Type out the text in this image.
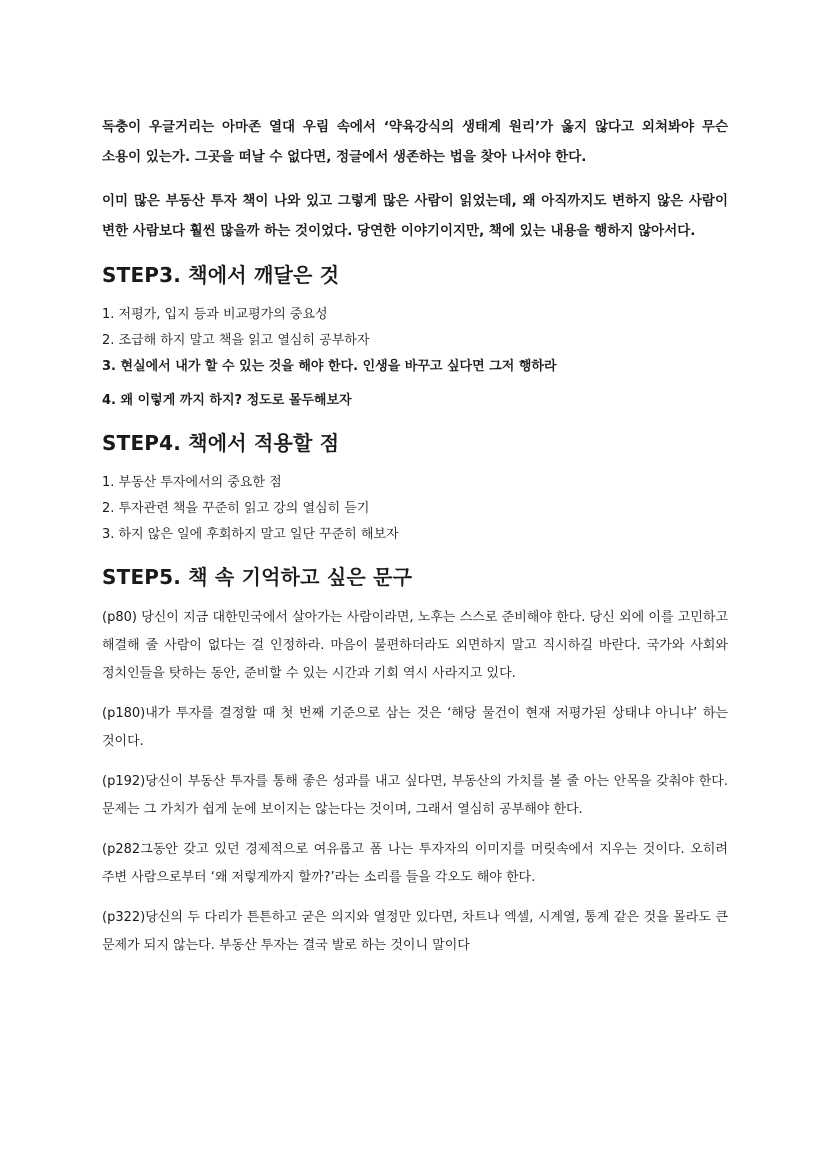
독충이 우글거리는 아마존 열대 우림 속에서 ‘약육강식의 생태계 원리’가 옳지 않다고 외쳐봐야 무슨 소용이 있는가. 그곳을 떠날 수 없다면, 정글에서 생존하는 법을 찾아 나서야 한다.

이미 많은 부동산 투자 책이 나와 있고 그렇게 많은 사람이 읽었는데, 왜 아직까지도 변하지 않은 사람이 변한 사람보다 훨씬 많을까 하는 것이었다. 당연한 이야기이지만, 책에 있는 내용을 행하지 않아서다.

STEP3. 책에서 깨달은 것
1. 저평가, 입지 등과 비교평가의 중요성
2. 조급해 하지 말고 책을 읽고 열심히 공부하자
3. 현실에서 내가 할 수 있는 것을 해야 한다. 인생을 바꾸고 싶다면 그저 행하라
4. 왜 이렇게 까지 하지? 정도로 몰두해보자
STEP4. 책에서 적용할 점
1. 부동산 투자에서의 중요한 점
2. 투자관련 책을 꾸준히 읽고 강의 열심히 듣기
3. 하지 않은 일에 후회하지 말고 일단 꾸준히 해보자
STEP5. 책 속 기억하고 싶은 문구

(p80) 당신이 지금 대한민국에서 살아가는 사람이라면, 노후는 스스로 준비해야 한다. 당신 외에 이를 고민하고 해결해 줄 사람이 없다는 걸 인정하라. 마음이 불편하더라도 외면하지 말고 직시하길 바란다. 국가와 사회와 정치인들을 탓하는 동안, 준비할 수 있는 시간과 기회 역시 사라지고 있다.

(p180)내가 투자를 결정할 때 첫 번째 기준으로 삼는 것은 ‘해당 물건이 현재 저평가된 상태냐 아니냐’ 하는 것이다.

(p192)당신이 부동산 투자를 통해 좋은 성과를 내고 싶다면, 부동산의 가치를 볼 줄 아는 안목을 갖춰야 한다. 문제는 그 가치가 쉽게 눈에 보이지는 않는다는 것이며, 그래서 열심히 공부해야 한다.

(p282그동안 갖고 있던 경제적으로 여유롭고 폼 나는 투자자의 이미지를 머릿속에서 지우는 것이다. 오히려 주변 사람으로부터 ‘왜 저렇게까지 할까?’라는 소리를 들을 각오도 해야 한다.

(p322)당신의 두 다리가 튼튼하고 굳은 의지와 열정만 있다면, 차트나 엑셀, 시계열, 통계 같은 것을 몰라도 큰 문제가 되지 않는다. 부동산 투자는 결국 발로 하는 것이니 말이다
